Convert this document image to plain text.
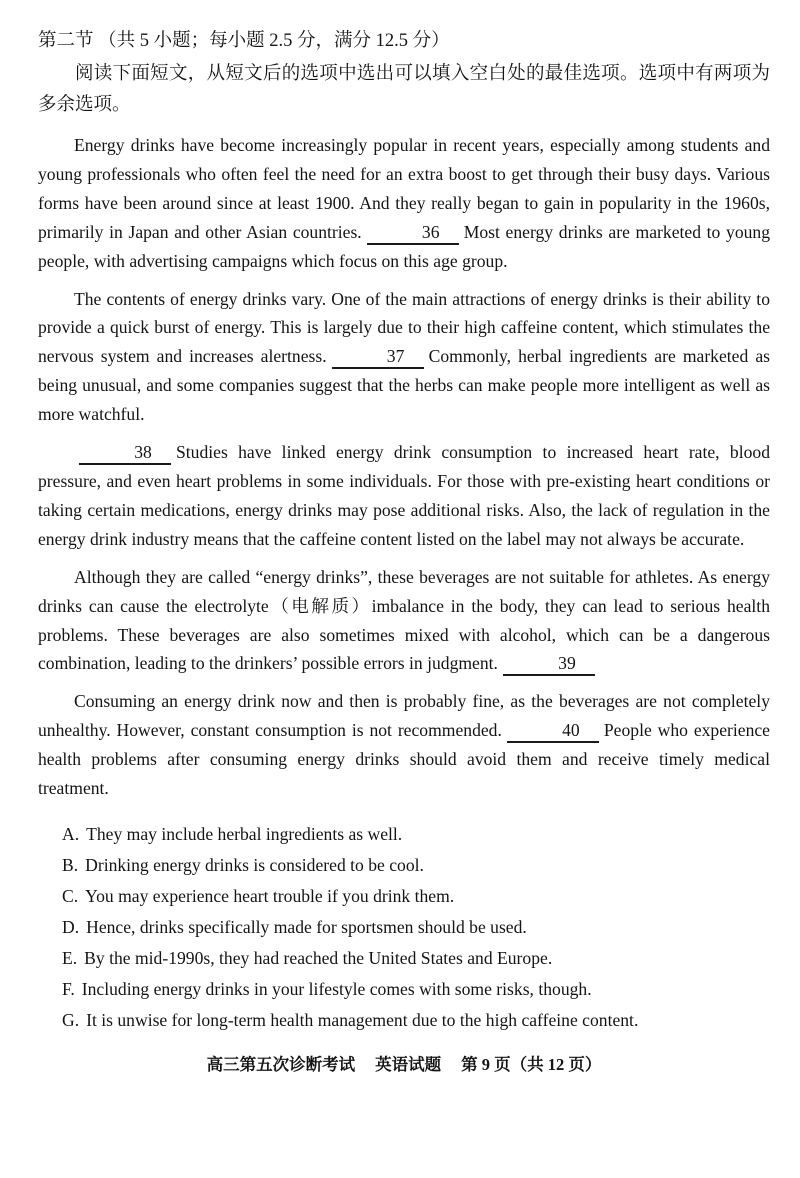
第二节 （共 5 小题；每小题 2.5 分，满分 12.5 分）
阅读下面短文，从短文后的选项中选出可以填入空白处的最佳选项。选项中有两项为多余选项。

Energy drinks have become increasingly popular in recent years, especially among students and young professionals who often feel the need for an extra boost to get through their busy days. Various forms have been around since at least 1900. And they really began to gain in popularity in the 1960s, primarily in Japan and other Asian countries.	36 Most energy drinks are marketed to young people, with advertising campaigns which focus on this age group.

The contents of energy drinks vary. One of the main attractions of energy drinks is their ability to provide a quick burst of energy. This is largely due to their high caffeine content, which stimulates the nervous system and increases alertness.	37 Commonly, herbal ingredients are marketed as being unusual, and some companies suggest that the herbs can make people more intelligent as well as more watchful.

38 Studies have linked energy drink consumption to increased heart rate, blood pressure, and even heart problems in some individuals. For those with pre-existing heart conditions or taking certain medications, energy drinks may pose additional risks. Also, the lack of regulation in the energy drink industry means that the caffeine content listed on the label may not always be accurate.

Although they are called “energy drinks”, these beverages are not suitable for athletes. As energy drinks can cause the electrolyte（电解质）imbalance in the body, they can lead to serious health problems. These beverages are also sometimes mixed with alcohol, which can be a dangerous combination, leading to the drinkers’ possible errors in judgment.	39

Consuming an energy drink now and then is probably fine, as the beverages are not completely unhealthy. However, constant consumption is not recommended.	40 People who experience health problems after consuming energy drinks should avoid them and receive timely medical treatment.

A. They may include herbal ingredients as well.
B. Drinking energy drinks is considered to be cool.
C. You may experience heart trouble if you drink them.
D. Hence, drinks specifically made for sportsmen should be used.
E. By the mid-1990s, they had reached the United States and Europe.
F. Including energy drinks in your lifestyle comes with some risks, though.
G. It is unwise for long-term health management due to the high caffeine content.
高三第五次诊断考试 英语试题 第 9 页（共 12 页）
